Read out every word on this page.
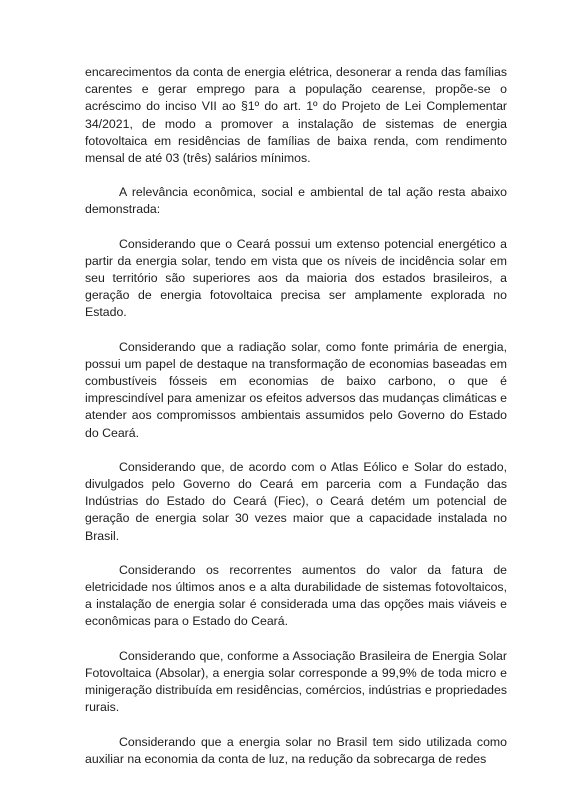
encarecimentos da conta de energia elétrica, desonerar a renda das famílias carentes e gerar emprego para a população cearense, propõe-se o acréscimo do inciso VII ao §1º do art. 1º do Projeto de Lei Complementar 34/2021, de modo a promover a instalação de sistemas de energia fotovoltaica em residências de famílias de baixa renda, com rendimento mensal de até 03 (três) salários mínimos.

A relevância econômica, social e ambiental de tal ação resta abaixo demonstrada:

Considerando que o Ceará possui um extenso potencial energético a partir da energia solar, tendo em vista que os níveis de incidência solar em seu território são superiores aos da maioria dos estados brasileiros, a geração de energia fotovoltaica precisa ser amplamente explorada no Estado.

Considerando que a radiação solar, como fonte primária de energia, possui um papel de destaque na transformação de economias baseadas em combustíveis fósseis em economias de baixo carbono, o que é imprescindível para amenizar os efeitos adversos das mudanças climáticas e atender aos compromissos ambientais assumidos pelo Governo do Estado do Ceará.

Considerando que, de acordo com o Atlas Eólico e Solar do estado, divulgados pelo Governo do Ceará em parceria com a Fundação das Indústrias do Estado do Ceará (Fiec), o Ceará detém um potencial de geração de energia solar 30 vezes maior que a capacidade instalada no Brasil.

Considerando os recorrentes aumentos do valor da fatura de eletricidade nos últimos anos e a alta durabilidade de sistemas fotovoltaicos, a instalação de energia solar é considerada uma das opções mais viáveis e econômicas para o Estado do Ceará.

Considerando que, conforme a Associação Brasileira de Energia Solar Fotovoltaica (Absolar), a energia solar corresponde a 99,9% de toda micro e minigeração distribuída em residências, comércios, indústrias e propriedades rurais.

Considerando que a energia solar no Brasil tem sido utilizada como auxiliar na economia da conta de luz, na redução da sobrecarga de redes
